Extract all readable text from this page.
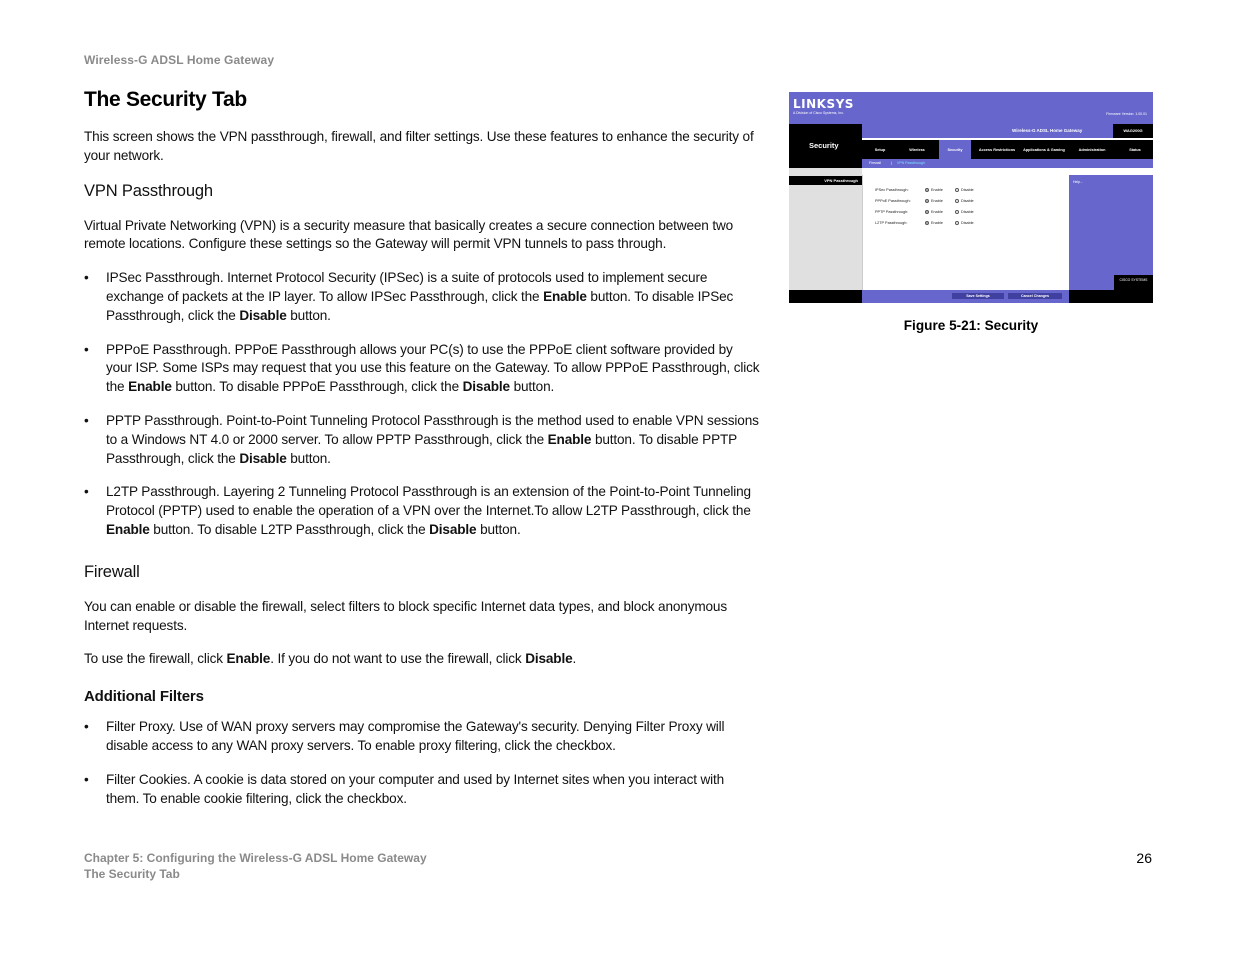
Wireless-G ADSL Home Gateway
The Security Tab

This screen shows the VPN passthrough, firewall, and filter settings. Use these features to enhance the security of your network.

VPN Passthrough

Virtual Private Networking (VPN) is a security measure that basically creates a secure connection between two remote locations. Configure these settings so the Gateway will permit VPN tunnels to pass through.

• IPSec Passthrough. Internet Protocol Security (IPSec) is a suite of protocols used to implement secure exchange of packets at the IP layer. To allow IPSec Passthrough, click the Enable button. To disable IPSec Passthrough, click the Disable button.
• PPPoE Passthrough. PPPoE Passthrough allows your PC(s) to use the PPPoE client software provided by your ISP. Some ISPs may request that you use this feature on the Gateway. To allow PPPoE Passthrough, click the Enable button. To disable PPPoE Passthrough, click the Disable button.
• PPTP Passthrough. Point-to-Point Tunneling Protocol Passthrough is the method used to enable VPN sessions to a Windows NT 4.0 or 2000 server. To allow PPTP Passthrough, click the Enable button. To disable PPTP Passthrough, click the Disable button.
• L2TP Passthrough. Layering 2 Tunneling Protocol Passthrough is an extension of the Point-to-Point Tunneling Protocol (PPTP) used to enable the operation of a VPN over the Internet.To allow L2TP Passthrough, click the Enable button. To disable L2TP Passthrough, click the Disable button.
Firewall

You can enable or disable the firewall, select filters to block specific Internet data types, and block anonymous Internet requests.

To use the firewall, click Enable. If you do not want to use the firewall, click Disable.

Additional Filters
• Filter Proxy. Use of WAN proxy servers may compromise the Gateway's security. Denying Filter Proxy will disable access to any WAN proxy servers. To enable proxy filtering, click the checkbox.
• Filter Cookies. A cookie is data stored on your computer and used by Internet sites when you interact with them. To enable cookie filtering, click the checkbox.
LINKSYS
A Division of Cisco Systems, Inc.	Firmware Version: 1.00.01
Security
Wireless-G ADSL Home Gateway	WAG200G
Setup	Wireless	Security	Access Restrictions	Applications & Gaming	Administration	Status
Firewall	| VPN Passthrough
VPN Passthrough
IPSec Passthrough:	Enable	Disable
PPPoE Passthrough:	Enable	Disable
PPTP Passthrough:	Enable	Disable
L2TP Passthrough:	Enable	Disable
Help...
CISCO SYSTEMS
Save Settings	Cancel Changes
Figure 5-21: Security
Chapter 5: Configuring the Wireless-G ADSL Home Gateway
The Security Tab
26
